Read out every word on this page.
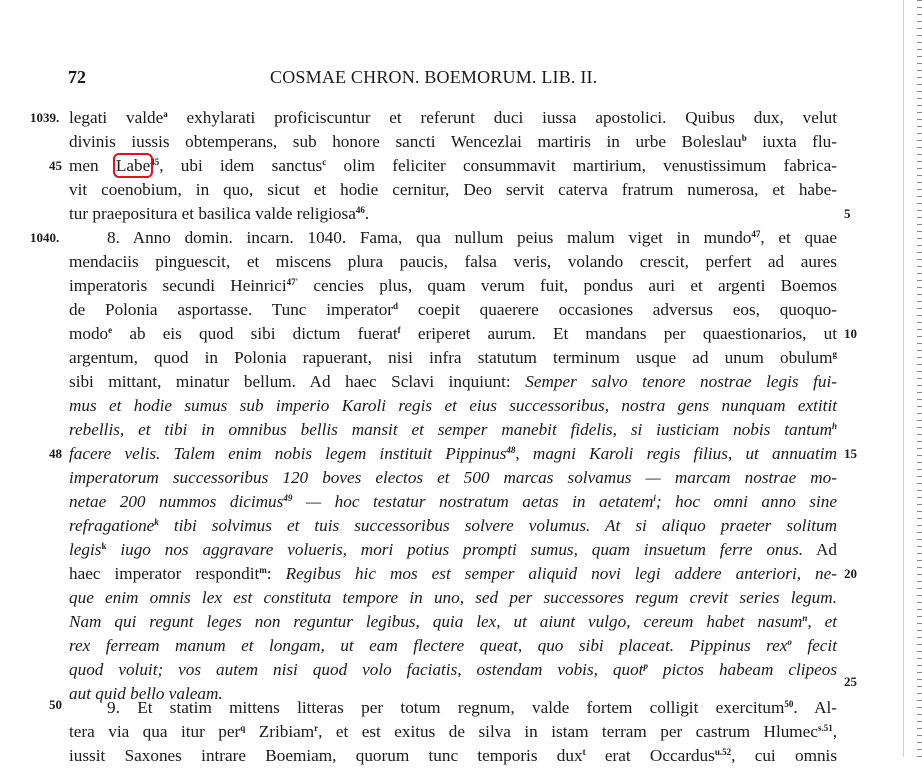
72	COSMAE CHRON. BOEMORUM. LIB. II.
1039.
45
1040.
48
50
5
10
15
20
25
legati valde$^a$ exhylarati proficiscuntur et referunt duci iussa apostolici. Quibus dux, velut
divinis iussis obtemperans, sub honore sancti Wencezlai martiris in urbe Boleslau$^b$ iuxta flu-
men Labe$^{45}$, ubi idem sanctus$^c$ olim feliciter consummavit martirium, venustissimum fabrica-
vit coenobium, in quo, sicut et hodie cernitur, Deo servit caterva fratrum numerosa, et habe-
tur praepositura et basilica valde religiosa$^{46}$.
8. Anno domin. incarn. 1040. Fama, qua nullum peius malum viget in mundo$^{47}$, et quae
mendaciis pinguescit, et miscens plura paucis, falsa veris, volando crescit, perfert ad aures
imperatoris secundi Heinrici$^{47'}$ cencies plus, quam verum fuit, pondus auri et argenti Boemos
de Polonia asportasse. Tunc imperator$^d$ coepit quaerere occasiones adversus eos, quoquo-
modo$^e$ ab eis quod sibi dictum fuerat$^f$ eriperet aurum. Et mandans per quaestionarios, ut
argentum, quod in Polonia rapuerant, nisi infra statutum terminum usque ad unum obulum$^g$
sibi mittant, minatur bellum. Ad haec Sclavi inquiunt: Semper salvo tenore nostrae legis fui-
mus et hodie sumus sub imperio Karoli regis et eius successoribus, nostra gens nunquam extitit
rebellis, et tibi in omnibus bellis mansit et semper manebit fidelis, si iusticiam nobis tantum$^h$
facere velis. Talem enim nobis legem instituit Pippinus$^{48}$, magni Karoli regis filius, ut annuatim
imperatorum successoribus 120 boves electos et 500 marcas solvamus — marcam nostrae mo-
netae 200 nummos dicimus$^{49}$ — hoc testatur nostratum aetas in aetatem$^i$; hoc omni anno sine
refragatione$^k$ tibi solvimus et tuis successoribus solvere volumus. At si aliquo praeter solitum
legis$^k$ iugo nos aggravare volueris, mori potius prompti sumus, quam insuetum ferre onus. Ad
haec imperator respondit$^m$: Regibus hic mos est semper aliquid novi legi addere anteriori, ne-
que enim omnis lex est constituta tempore in uno, sed per successores regum crevit series legum.
Nam qui regunt leges non reguntur legibus, quia lex, ut aiunt vulgo, cereum habet nasum$^n$, et
rex ferream manum et longam, ut eam flectere queat, quo sibi placeat. Pippinus rex$^o$ fecit
quod voluit; vos autem nisi quod volo faciatis, ostendam vobis, quot$^p$ pictos habeam clipeos
aut quid bello valeam.
9. Et statim mittens litteras per totum regnum, valde fortem colligit exercitum$^{50}$. Al-
tera via qua itur per$^q$ Zribiam$^r$, et est exitus de silva in istam terram per castrum Hlumec$^{s.51}$,
iussit Saxones intrare Boemiam, quorum tunc temporis dux$^t$ erat Occardus$^{u.52}$, cui omnis
